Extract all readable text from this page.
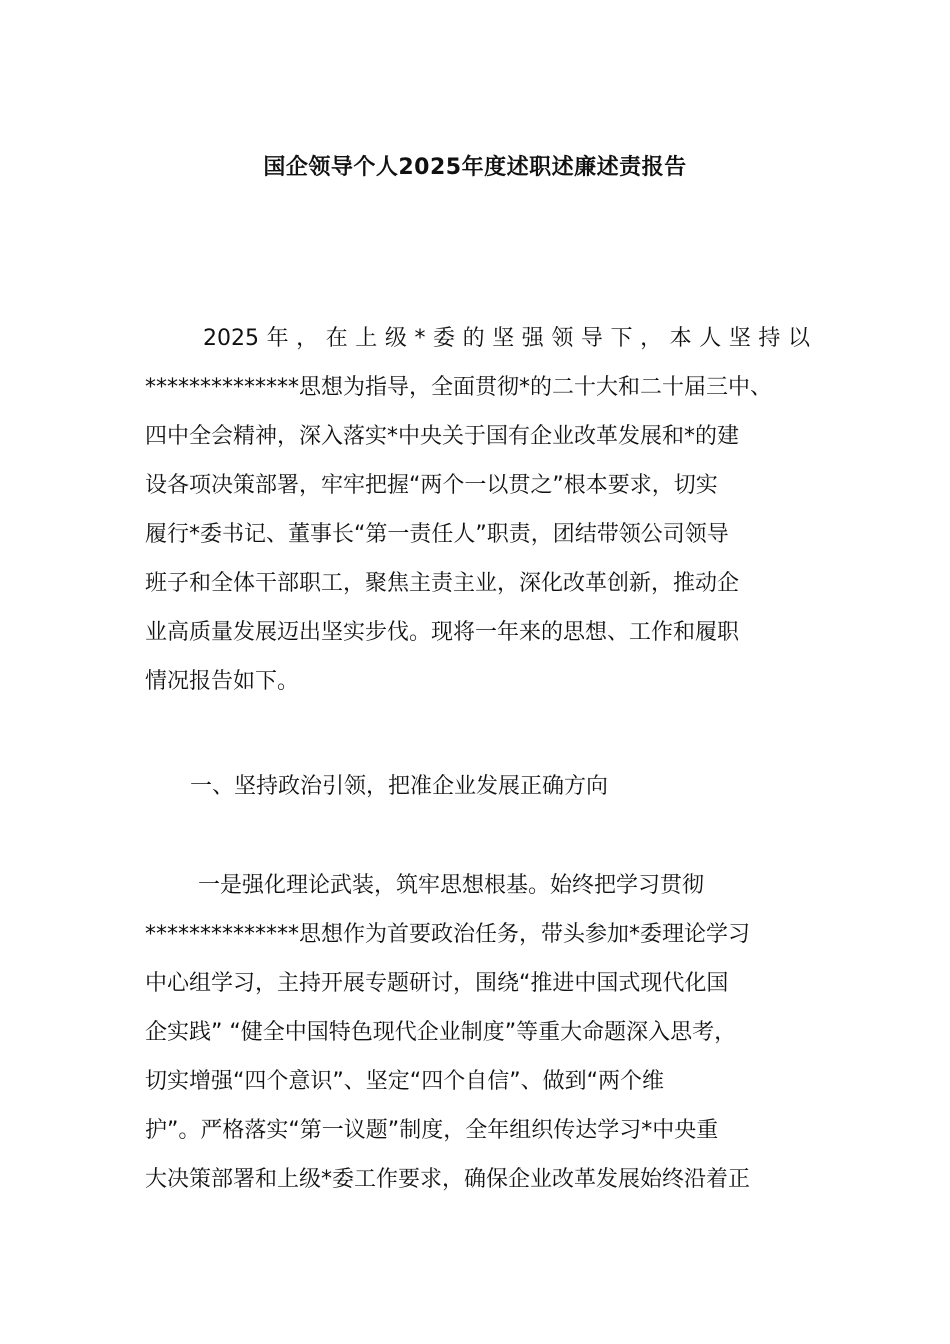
国企领导个人2025年度述职述廉述责报告

2025年，在上级*委的坚强领导下，本人坚持以

**************思想为指导，全面贯彻*的二十大和二十届三中、

四中全会精神，深入落实*中央关于国有企业改革发展和*的建

设各项决策部署，牢牢把握“两个一以贯之”根本要求，切实

履行*委书记、董事长“第一责任人”职责，团结带领公司领导

班子和全体干部职工，聚焦主责主业，深化改革创新，推动企

业高质量发展迈出坚实步伐。现将一年来的思想、工作和履职

情况报告如下。

一、坚持政治引领，把准企业发展正确方向

一是强化理论武装，筑牢思想根基。始终把学习贯彻

**************思想作为首要政治任务，带头参加*委理论学习

中心组学习，主持开展专题研讨，围绕“推进中国式现代化国

企实践” “健全中国特色现代企业制度”等重大命题深入思考，

切实增强“四个意识”、坚定“四个自信”、做到“两个维

护”。严格落实“第一议题”制度，全年组织传达学习*中央重

大决策部署和上级*委工作要求，确保企业改革发展始终沿着正
